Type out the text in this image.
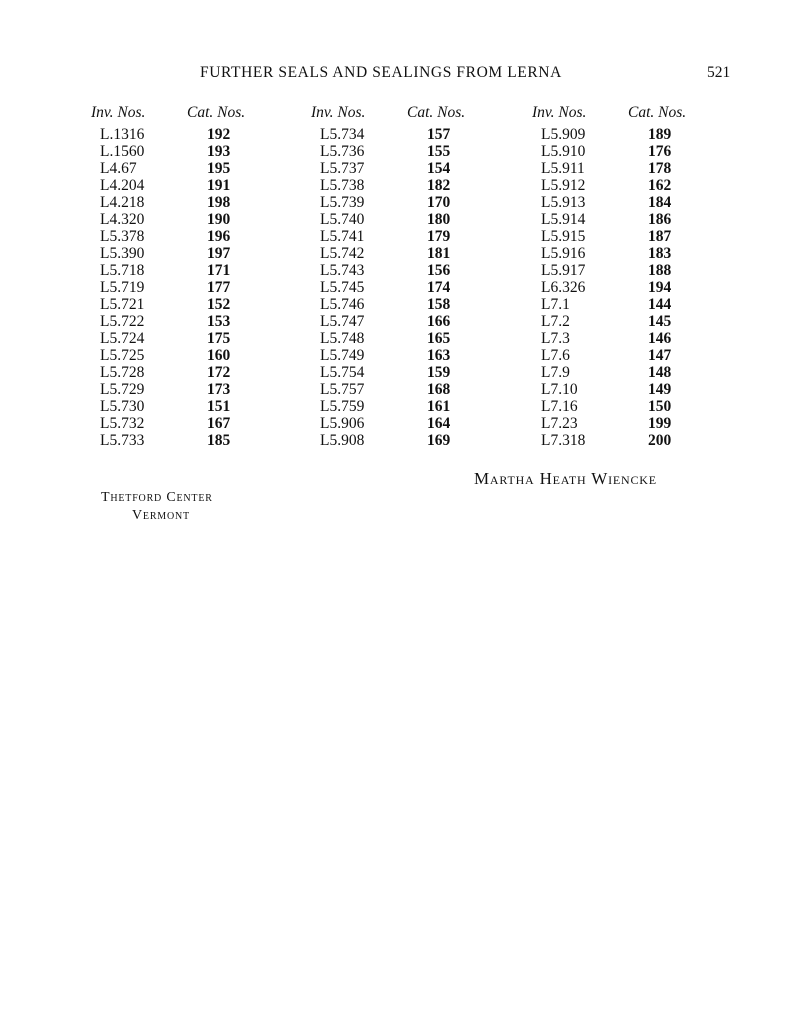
FURTHER SEALS AND SEALINGS FROM LERNA	521
Inv. Nos.	Cat. Nos.
L.1316	192
L.1560	193
L4.67	195
L4.204	191
L4.218	198
L4.320	190
L5.378	196
L5.390	197
L5.718	171
L5.719	177
L5.721	152
L5.722	153
L5.724	175
L5.725	160
L5.728	172
L5.729	173
L5.730	151
L5.732	167
L5.733	185
Inv. Nos.	Cat. Nos.
L5.734	157
L5.736	155
L5.737	154
L5.738	182
L5.739	170
L5.740	180
L5.741	179
L5.742	181
L5.743	156
L5.745	174
L5.746	158
L5.747	166
L5.748	165
L5.749	163
L5.754	159
L5.757	168
L5.759	161
L5.906	164
L5.908	169
Inv. Nos.	Cat. Nos.
L5.909	189
L5.910	176
L5.911	178
L5.912	162
L5.913	184
L5.914	186
L5.915	187
L5.916	183
L5.917	188
L6.326	194
L7.1	144
L7.2	145
L7.3	146
L7.6	147
L7.9	148
L7.10	149
L7.16	150
L7.23	199
L7.318	200
Martha Heath Wiencke
Thetford Center
Vermont
